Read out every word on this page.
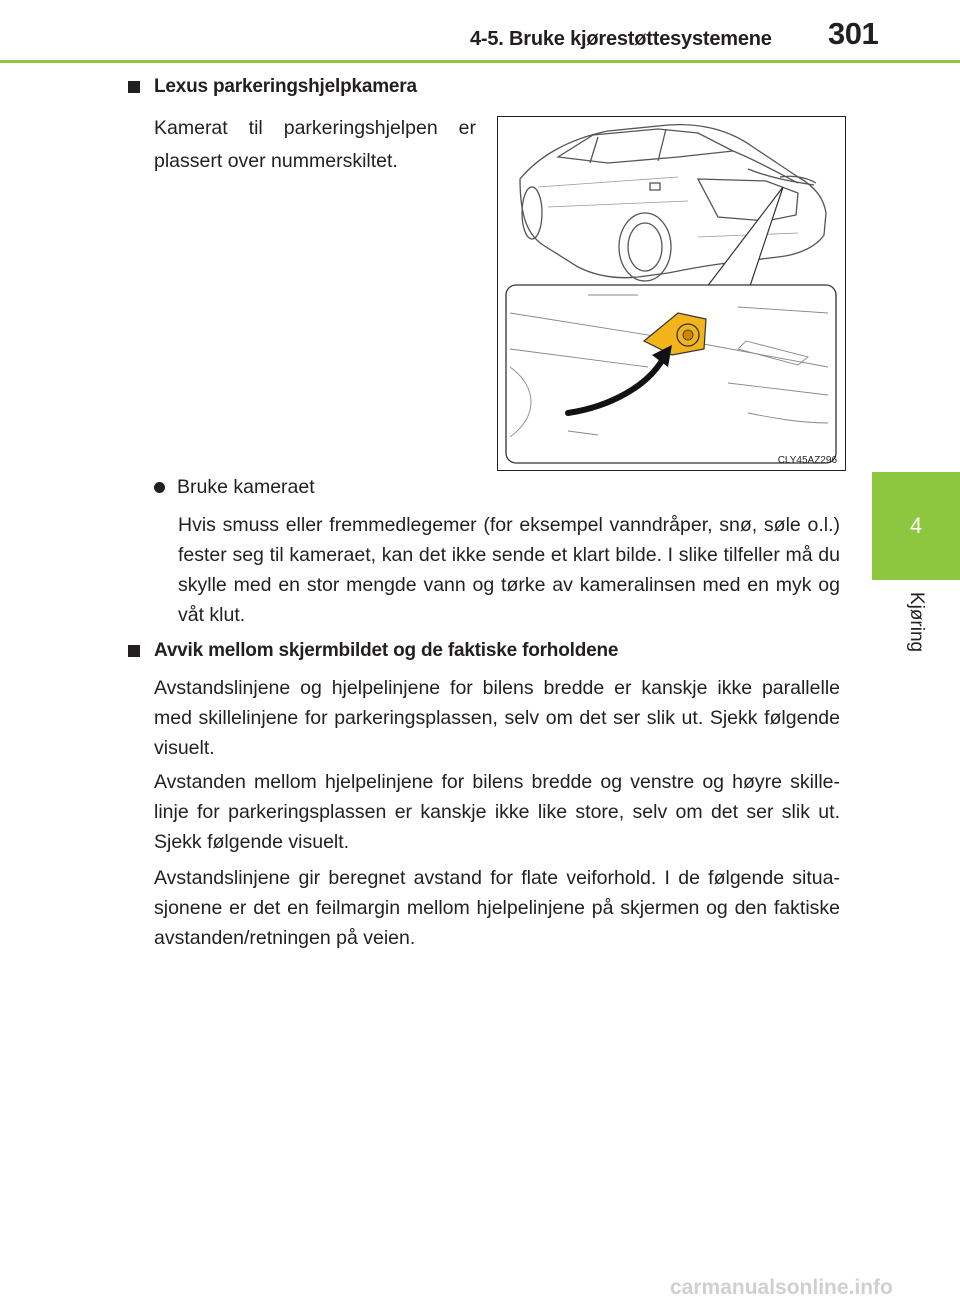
4-5. Bruke kjørestøttesystemene 301
4
Kjøring
Lexus parkeringshjelpkamera

Kamerat til parkeringshjelpen er plassert over nummerskiltet.

CLY45AZ296
Bruke kameraet

Hvis smuss eller fremmedlegemer (for eksempel vanndråper, snø, søle o.l.) fester seg til kameraet, kan det ikke sende et klart bilde. I slike tilfeller må du skylle med en stor mengde vann og tørke av kameralinsen med en myk og våt klut.

Avvik mellom skjermbildet og de faktiske forholdene

Avstandslinjene og hjelpelinjene for bilens bredde er kanskje ikke parallelle med skillelinjene for parkeringsplassen, selv om det ser slik ut. Sjekk følgende visuelt.

Avstanden mellom hjelpelinjene for bilens bredde og venstre og høyre skille-linje for parkeringsplassen er kanskje ikke like store, selv om det ser slik ut. Sjekk følgende visuelt.

Avstandslinjene gir beregnet avstand for flate veiforhold. I de følgende situa-sjonene er det en feilmargin mellom hjelpelinjene på skjermen og den faktiske avstanden/retningen på veien.

carmanualsonline.info
